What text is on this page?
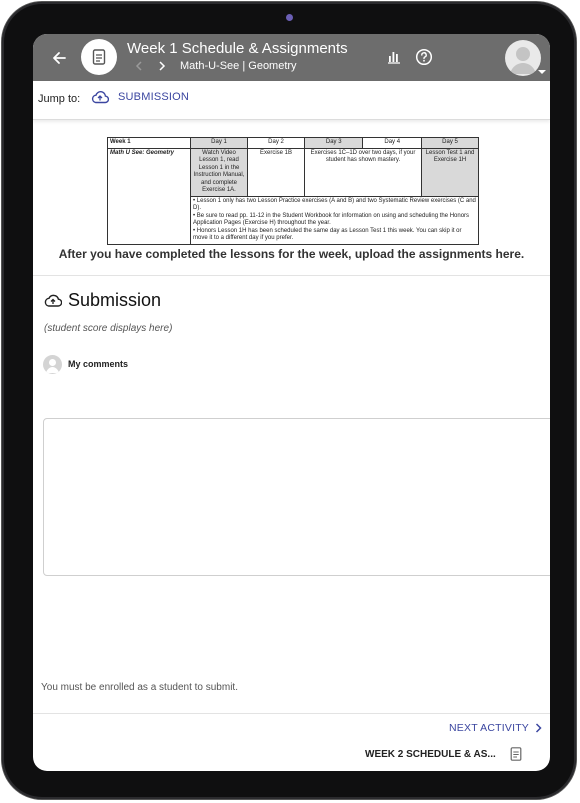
Week 1 Schedule & Assignments
Math-U-See | Geometry
Jump to:	SUBMISSION
Week 1	Day 1	Day 2	Day 3	Day 4	Day 5
Math U See: Geometry	Watch Video Lesson 1, read Lesson 1 in the Instruction Manual, and complete Exercise 1A.	Exercise 1B	Exercises 1C–1D over two days, if your student has shown mastery.		Lesson Test 1 and Exercise 1H

	• Lesson 1 only has two Lesson Practice exercises (A and B) and two Systematic Review exercises (C and D).
• Be sure to read pp. 11-12 in the Student Workbook for information on using and scheduling the Honors Application Pages (Exercise H) throughout the year.
• Honors Lesson 1H has been scheduled the same day as Lesson Test 1 this week. You can skip it or move it to a different day if you prefer.				
After you have completed the lessons for the week, upload the assignments here.
Submission
(student score displays here)
My comments
You must be enrolled as a student to submit.
NEXT ACTIVITY
WEEK 2 SCHEDULE & AS...
